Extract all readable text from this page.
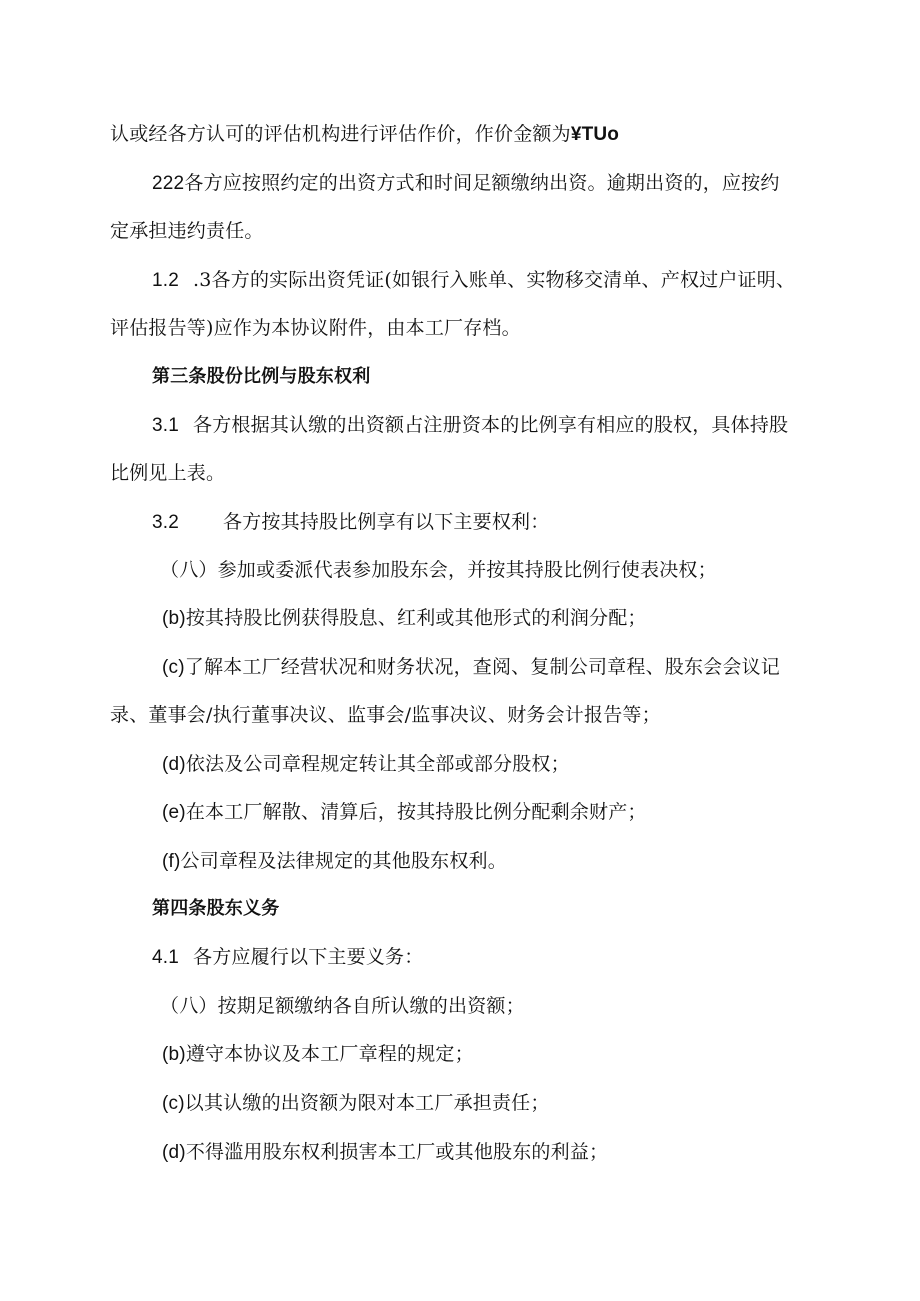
认或经各方认可的评估机构进行评估作价，作价金额为¥TUo
222各方应按照约定的出资方式和时间足额缴纳出资。逾期出资的，应按约
定承担违约责任。
1.2 .3各方的实际出资凭证(如银行入账单、实物移交清单、产权过户证明、
评估报告等)应作为本协议附件，由本工厂存档。
第三条股份比例与股东权利
3.1 各方根据其认缴的出资额占注册资本的比例享有相应的股权，具体持股
比例见上表。
3.2 各方按其持股比例享有以下主要权利：
（八）参加或委派代表参加股东会，并按其持股比例行使表决权；
(b)按其持股比例获得股息、红利或其他形式的利润分配；
(c)了解本工厂经营状况和财务状况，查阅、复制公司章程、股东会会议记
录、董事会/执行董事决议、监事会/监事决议、财务会计报告等；
(d)依法及公司章程规定转让其全部或部分股权；
(e)在本工厂解散、清算后，按其持股比例分配剩余财产；
(f)公司章程及法律规定的其他股东权利。
第四条股东义务
4.1 各方应履行以下主要义务：
（八）按期足额缴纳各自所认缴的出资额；
(b)遵守本协议及本工厂章程的规定；
(c)以其认缴的出资额为限对本工厂承担责任；
(d)不得滥用股东权利损害本工厂或其他股东的利益；
